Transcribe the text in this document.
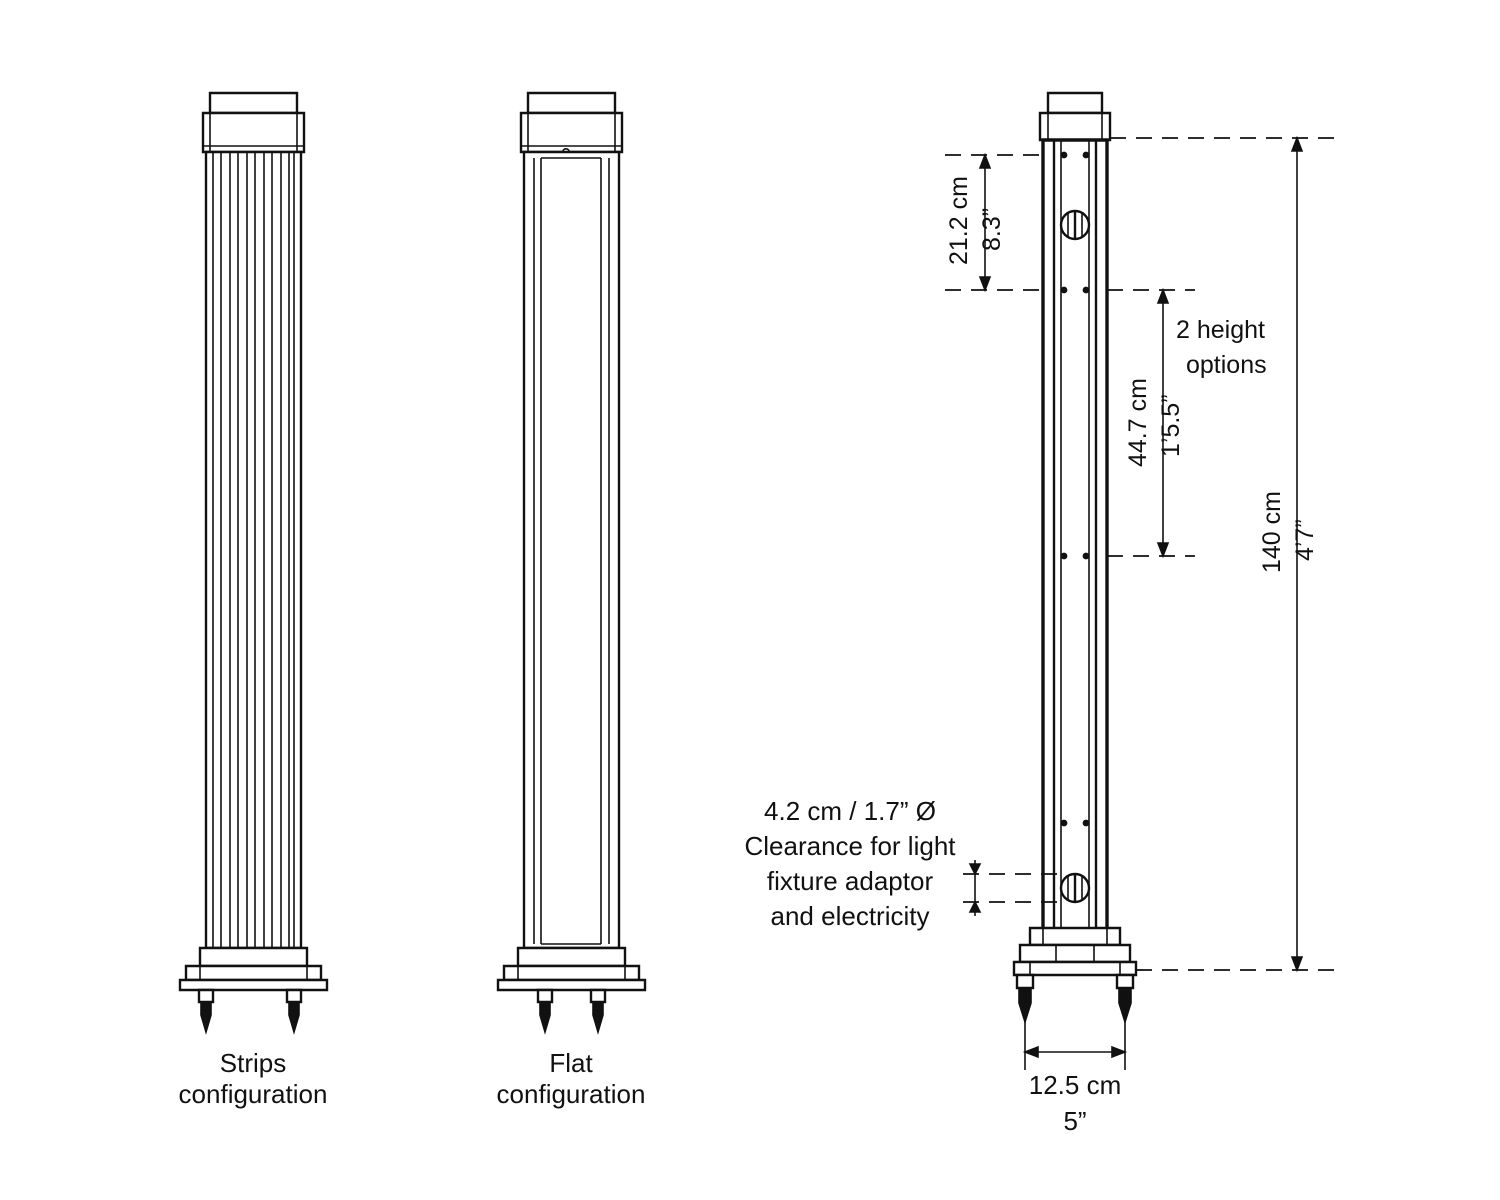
Strips
configuration
Flat
configuration
21.2 cm 8.3”
44.7 cm 1’5.5”
2 height
options
140 cm 4’7”
4.2 cm / 1.7” Ø
Clearance for light
fixture adaptor
and electricity
12.5 cm
5”
